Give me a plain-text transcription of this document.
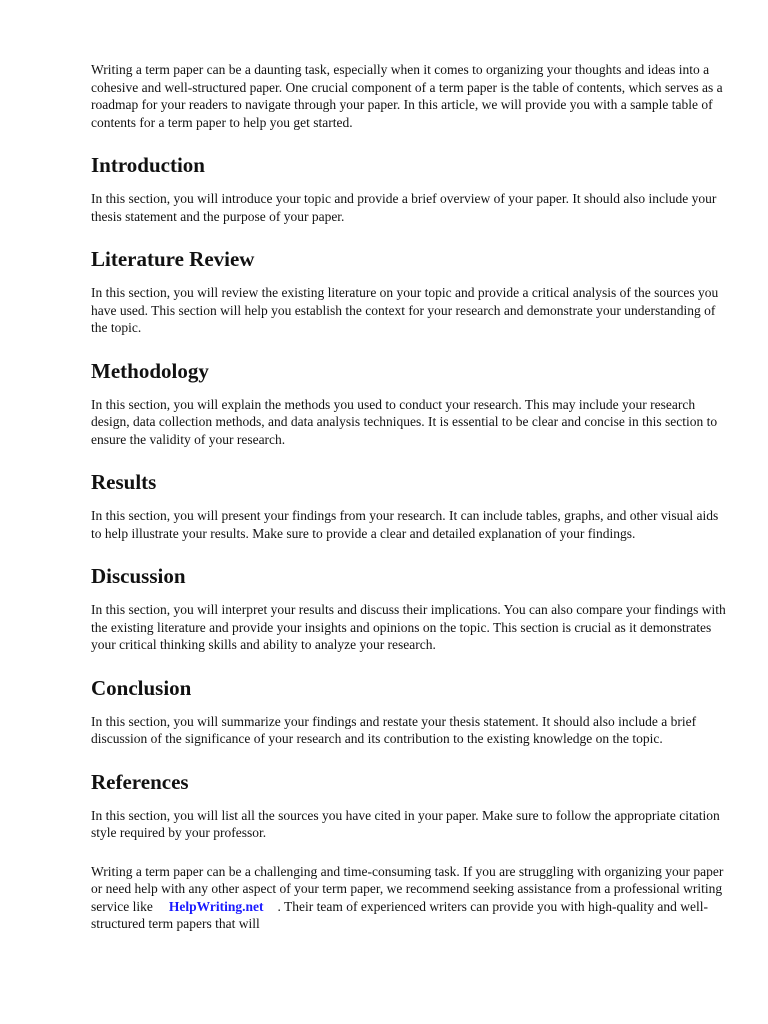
Writing a term paper can be a daunting task, especially when it comes to organizing your thoughts and ideas into a cohesive and well-structured paper. One crucial component of a term paper is the table of contents, which serves as a roadmap for your readers to navigate through your paper. In this article, we will provide you with a sample table of contents for a term paper to help you get started.

Introduction

In this section, you will introduce your topic and provide a brief overview of your paper. It should also include your thesis statement and the purpose of your paper.

Literature Review

In this section, you will review the existing literature on your topic and provide a critical analysis of the sources you have used. This section will help you establish the context for your research and demonstrate your understanding of the topic.

Methodology

In this section, you will explain the methods you used to conduct your research. This may include your research design, data collection methods, and data analysis techniques. It is essential to be clear and concise in this section to ensure the validity of your research.

Results

In this section, you will present your findings from your research. It can include tables, graphs, and other visual aids to help illustrate your results. Make sure to provide a clear and detailed explanation of your findings.

Discussion

In this section, you will interpret your results and discuss their implications. You can also compare your findings with the existing literature and provide your insights and opinions on the topic. This section is crucial as it demonstrates your critical thinking skills and ability to analyze your research.

Conclusion

In this section, you will summarize your findings and restate your thesis statement. It should also include a brief discussion of the significance of your research and its contribution to the existing knowledge on the topic.

References

In this section, you will list all the sources you have cited in your paper. Make sure to follow the appropriate citation style required by your professor.

Writing a term paper can be a challenging and time-consuming task. If you are struggling with organizing your paper or need help with any other aspect of your term paper, we recommend seeking assistance from a professional writing service like HelpWriting.net . Their team of experienced writers can provide you with high-quality and well-structured term papers that will
